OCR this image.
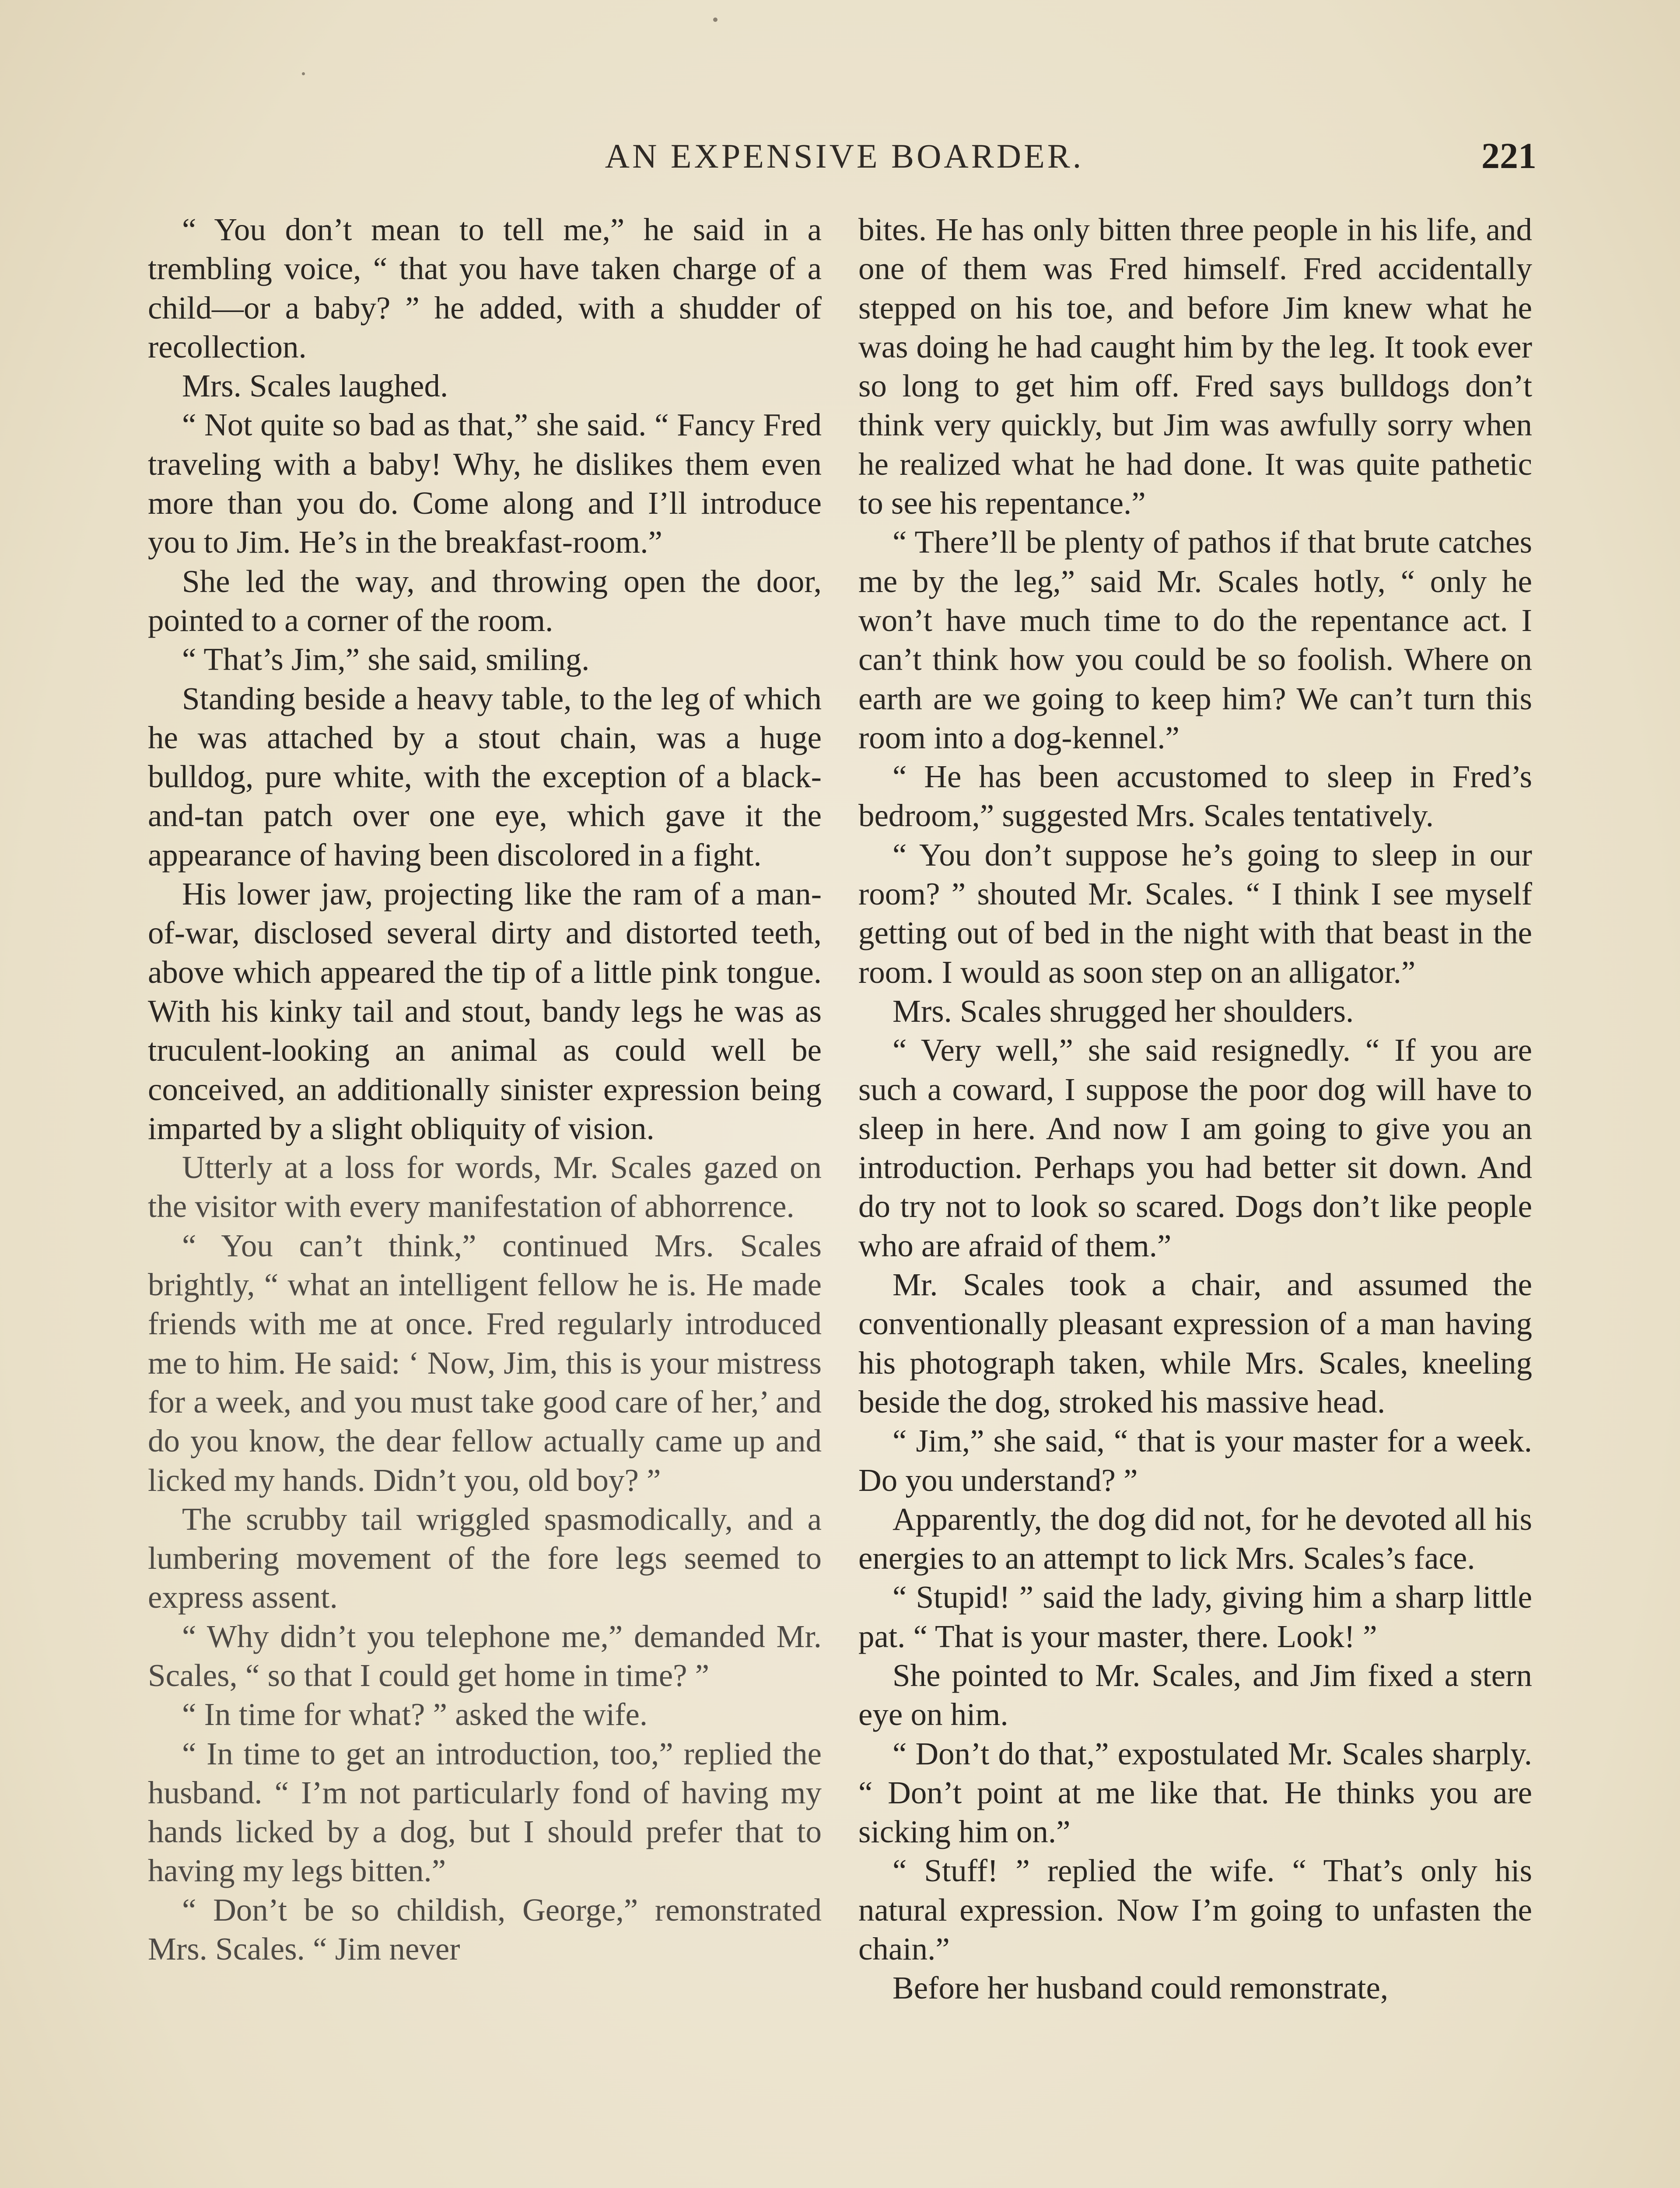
AN EXPENSIVE BOARDER.	221

“ You don’t mean to tell me,” he said in a trembling voice, “ that you have taken charge of a child—or a baby? ” he added, with a shudder of recollection.

Mrs. Scales laughed.

“ Not quite so bad as that,” she said. “ Fancy Fred traveling with a baby! Why, he dislikes them even more than you do. Come along and I’ll introduce you to Jim. He’s in the breakfast-room.”

She led the way, and throwing open the door, pointed to a corner of the room.

“ That’s Jim,” she said, smiling.

Standing beside a heavy table, to the leg of which he was attached by a stout chain, was a huge bulldog, pure white, with the exception of a black-and-tan patch over one eye, which gave it the appearance of having been discolored in a fight.

His lower jaw, projecting like the ram of a man-of-war, disclosed several dirty and distorted teeth, above which appeared the tip of a little pink tongue. With his kinky tail and stout, bandy legs he was as truculent-looking an animal as could well be conceived, an additionally sinister expression being imparted by a slight obliquity of vision.

Utterly at a loss for words, Mr. Scales gazed on the visitor with every manifestation of abhorrence.

“ You can’t think,” continued Mrs. Scales brightly, “ what an intelligent fellow he is. He made friends with me at once. Fred regularly introduced me to him. He said: ‘ Now, Jim, this is your mistress for a week, and you must take good care of her,’ and do you know, the dear fellow actually came up and licked my hands. Didn’t you, old boy? ”

The scrubby tail wriggled spasmodically, and a lumbering movement of the fore legs seemed to express assent.

“ Why didn’t you telephone me,” demanded Mr. Scales, “ so that I could get home in time? ”

“ In time for what? ” asked the wife.

“ In time to get an introduction, too,” replied the husband. “ I’m not particularly fond of having my hands licked by a dog, but I should prefer that to having my legs bitten.”

“ Don’t be so childish, George,” remonstrated Mrs. Scales. “ Jim never

bites. He has only bitten three people in his life, and one of them was Fred himself. Fred accidentally stepped on his toe, and before Jim knew what he was doing he had caught him by the leg. It took ever so long to get him off. Fred says bulldogs don’t think very quickly, but Jim was awfully sorry when he realized what he had done. It was quite pathetic to see his repentance.”

“ There’ll be plenty of pathos if that brute catches me by the leg,” said Mr. Scales hotly, “ only he won’t have much time to do the repentance act. I can’t think how you could be so foolish. Where on earth are we going to keep him? We can’t turn this room into a dog-kennel.”

“ He has been accustomed to sleep in Fred’s bedroom,” suggested Mrs. Scales tentatively.

“ You don’t suppose he’s going to sleep in our room? ” shouted Mr. Scales. “ I think I see myself getting out of bed in the night with that beast in the room. I would as soon step on an alligator.”

Mrs. Scales shrugged her shoulders.

“ Very well,” she said resignedly. “ If you are such a coward, I suppose the poor dog will have to sleep in here. And now I am going to give you an introduction. Perhaps you had better sit down. And do try not to look so scared. Dogs don’t like people who are afraid of them.”

Mr. Scales took a chair, and assumed the conventionally pleasant expression of a man having his photograph taken, while Mrs. Scales, kneeling beside the dog, stroked his massive head.

“ Jim,” she said, “ that is your master for a week. Do you understand? ”

Apparently, the dog did not, for he devoted all his energies to an attempt to lick Mrs. Scales’s face.

“ Stupid! ” said the lady, giving him a sharp little pat. “ That is your master, there. Look! ”

She pointed to Mr. Scales, and Jim fixed a stern eye on him.

“ Don’t do that,” expostulated Mr. Scales sharply. “ Don’t point at me like that. He thinks you are sicking him on.”

“ Stuff! ” replied the wife. “ That’s only his natural expression. Now I’m going to unfasten the chain.”

Before her husband could remonstrate,
